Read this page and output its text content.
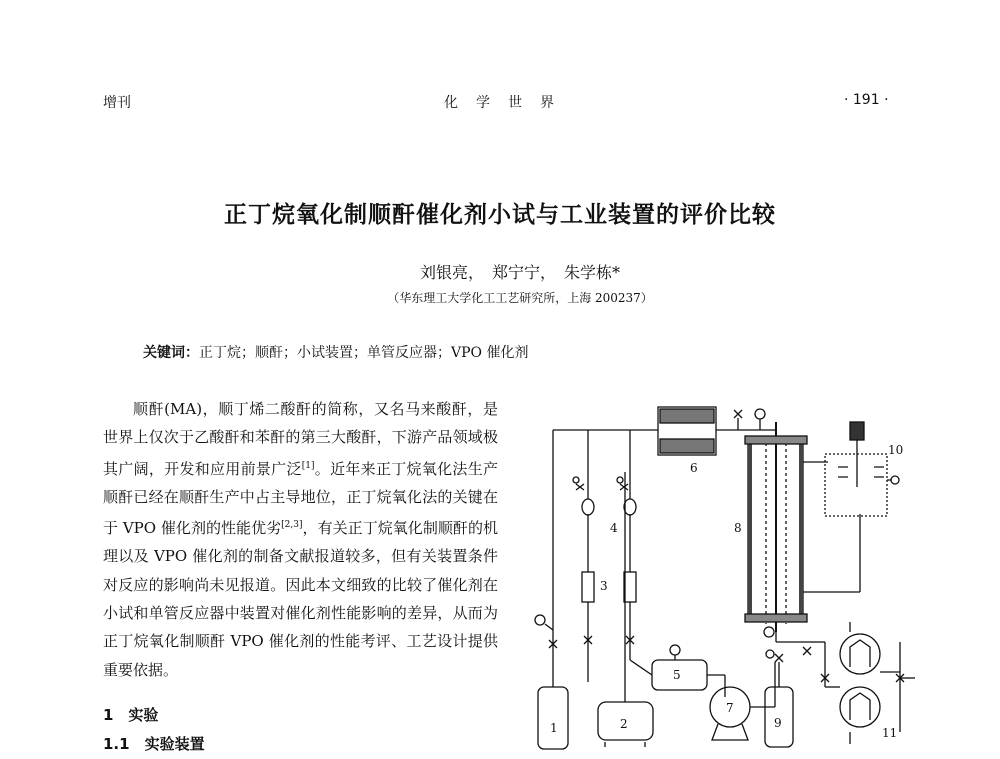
增刊	化　学　世　界	· 191 ·
正丁烷氧化制顺酐催化剂小试与工业装置的评价比较
刘银亮，　郑宁宁，　朱学栋*
（华东理工大学化工工艺研究所，上海 200237）
关键词：正丁烷；顺酐；小试装置；单管反应器；VPO 催化剂

顺酐(MA)，顺丁烯二酸酐的简称，又名马来酸酐，是世界上仅次于乙酸酐和苯酐的第三大酸酐，下游产品领域极其广阔，开发和应用前景广泛[1]。近年来正丁烷氧化法生产顺酐已经在顺酐生产中占主导地位，正丁烷氧化法的关键在于 VPO 催化剂的性能优劣[2,3]，有关正丁烷氧化制顺酐的机理以及 VPO 催化剂的制备文献报道较多，但有关装置条件对反应的影响尚未见报道。因此本文细致的比较了催化剂在小试和单管反应器中装置对催化剂性能影响的差异，从而为正丁烷氧化制顺酐 VPO 催化剂的性能考评、工艺设计提供重要依据。

1　实验
1.1　实验装置
1	2
3
4
5
6
7
8
9
10
11
